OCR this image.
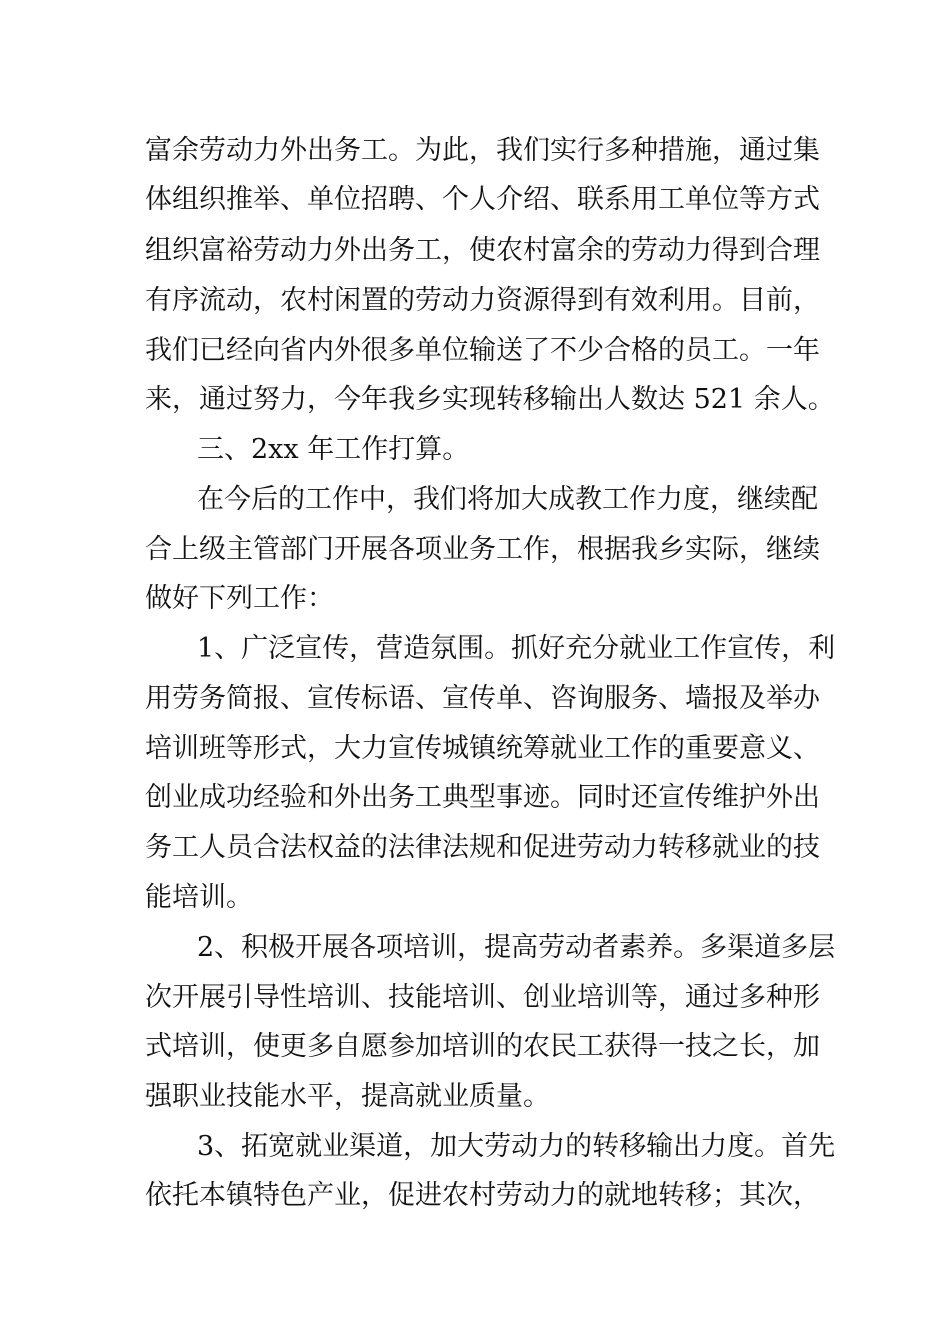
富余劳动力外出务工。为此，我们实行多种措施，通过集
体组织推举、单位招聘、个人介绍、联系用工单位等方式
组织富裕劳动力外出务工，使农村富余的劳动力得到合理
有序流动，农村闲置的劳动力资源得到有效利用。目前，
我们已经向省内外很多单位输送了不少合格的员工。一年
来，通过努力，今年我乡实现转移输出人数达 521 余人。
三、2xx 年工作打算。
在今后的工作中，我们将加大成教工作力度，继续配
合上级主管部门开展各项业务工作，根据我乡实际，继续
做好下列工作：
1、广泛宣传，营造氛围。抓好充分就业工作宣传，利
用劳务简报、宣传标语、宣传单、咨询服务、墙报及举办
培训班等形式，大力宣传城镇统筹就业工作的重要意义、
创业成功经验和外出务工典型事迹。同时还宣传维护外出
务工人员合法权益的法律法规和促进劳动力转移就业的技
能培训。
2、积极开展各项培训，提高劳动者素养。多渠道多层
次开展引导性培训、技能培训、创业培训等，通过多种形
式培训，使更多自愿参加培训的农民工获得一技之长，加
强职业技能水平，提高就业质量。
3、拓宽就业渠道，加大劳动力的转移输出力度。首先
依托本镇特色产业，促进农村劳动力的就地转移；其次，
